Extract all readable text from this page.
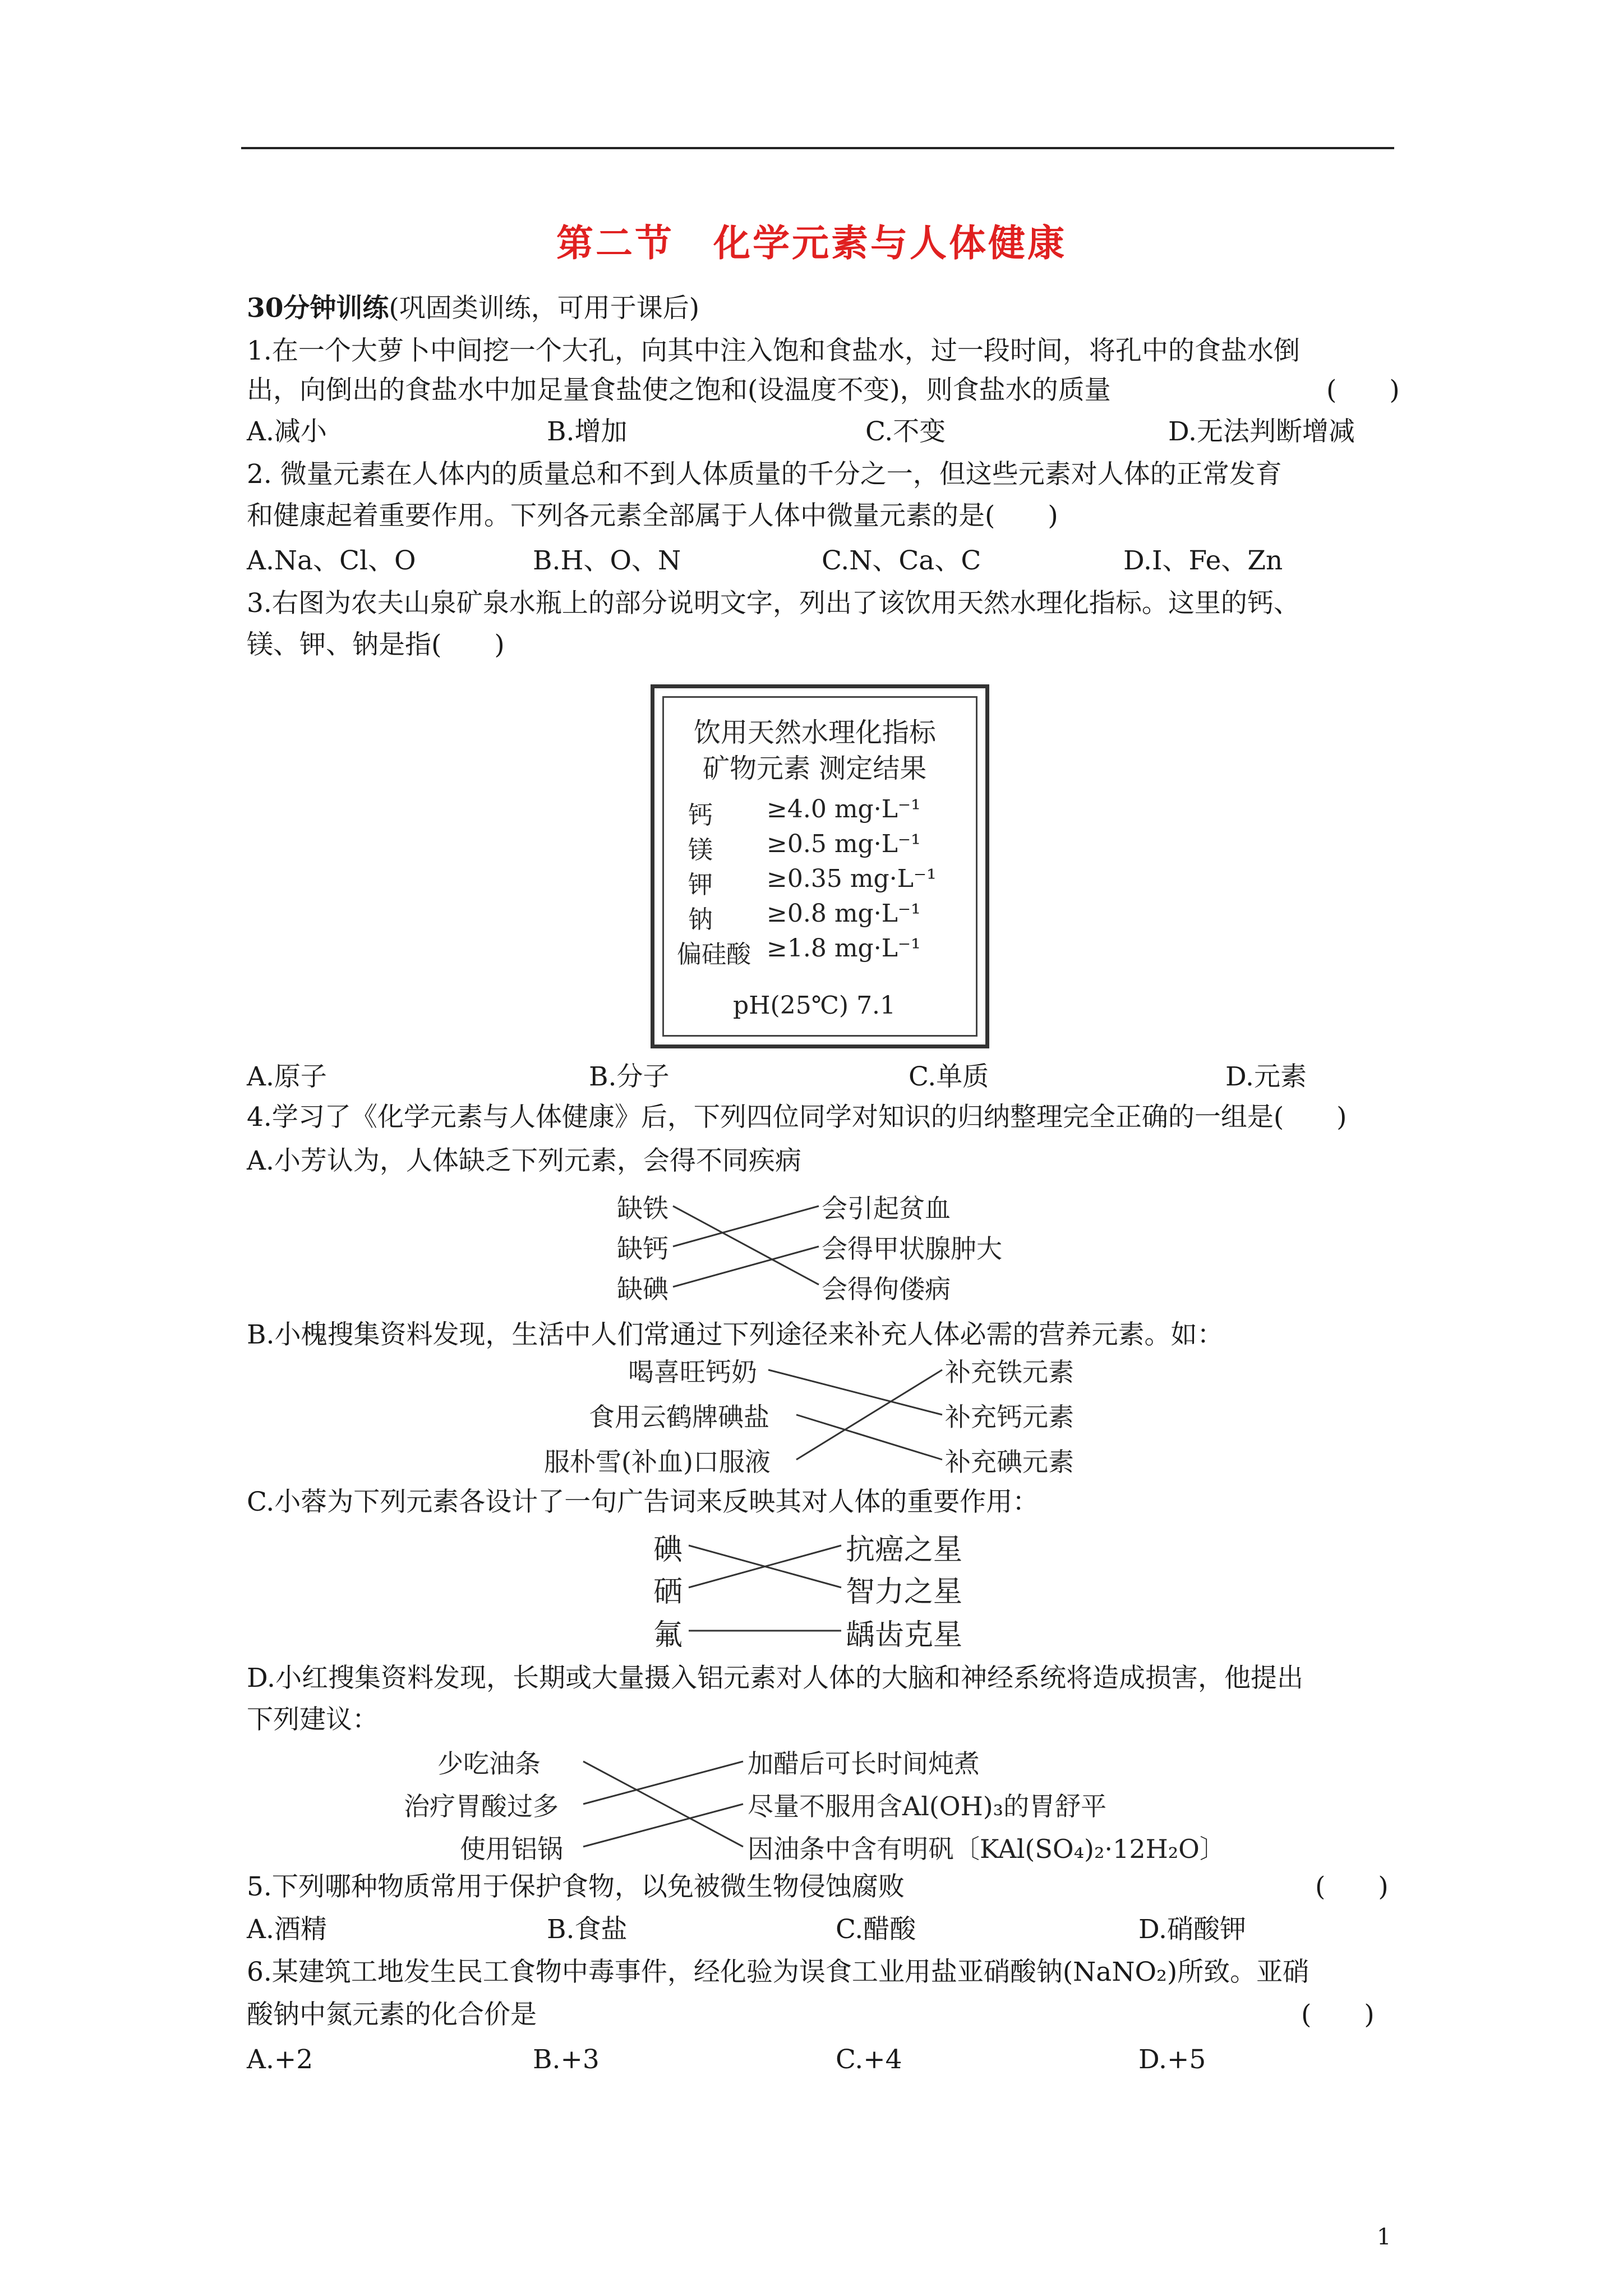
第二节　化学元素与人体健康
30分钟训练(巩固类训练，可用于课后)
1.在一个大萝卜中间挖一个大孔，向其中注入饱和食盐水，过一段时间，将孔中的食盐水倒
出，向倒出的食盐水中加足量食盐使之饱和(设温度不变)，则食盐水的质量	(　　)
A.减小	B.增加	C.不变	D.无法判断增减
2. 微量元素在人体内的质量总和不到人体质量的千分之一，但这些元素对人体的正常发育
和健康起着重要作用。下列各元素全部属于人体中微量元素的是(　　)
A.Na、Cl、O	B.H、O、N	C.N、Ca、C	D.I、Fe、Zn
3.右图为农夫山泉矿泉水瓶上的部分说明文字，列出了该饮用天然水理化指标。这里的钙、
镁、钾、钠是指(　　)
饮用天然水理化指标
矿物元素 测定结果
钙 ≥4.0 mg·L⁻¹
镁 ≥0.5 mg·L⁻¹
钾 ≥0.35 mg·L⁻¹
钠 ≥0.8 mg·L⁻¹
偏硅酸 ≥1.8 mg·L⁻¹
pH(25℃) 7.1
A.原子	B.分子	C.单质	D.元素
4.学习了《化学元素与人体健康》后，下列四位同学对知识的归纳整理完全正确的一组是(　　)
A.小芳认为，人体缺乏下列元素，会得不同疾病
缺铁
缺钙
缺碘
会引起贫血
会得甲状腺肿大
会得佝偻病
B.小槐搜集资料发现，生活中人们常通过下列途径来补充人体必需的营养元素。如：
喝喜旺钙奶
食用云鹤牌碘盐
服朴雪(补血)口服液
补充铁元素
补充钙元素
补充碘元素
C.小蓉为下列元素各设计了一句广告词来反映其对人体的重要作用：
碘
硒
氟
抗癌之星
智力之星
龋齿克星
D.小红搜集资料发现，长期或大量摄入铝元素对人体的大脑和神经系统将造成损害，他提出
下列建议：
少吃油条
治疗胃酸过多
使用铝锅
加醋后可长时间炖煮
尽量不服用含Al(OH)₃的胃舒平
因油条中含有明矾〔KAl(SO₄)₂·12H₂O〕
5.下列哪种物质常用于保护食物，以免被微生物侵蚀腐败	(　　)
A.酒精	B.食盐	C.醋酸	D.硝酸钾
6.某建筑工地发生民工食物中毒事件，经化验为误食工业用盐亚硝酸钠(NaNO₂)所致。亚硝
酸钠中氮元素的化合价是	(　　)
A.+2	B.+3	C.+4	D.+5
1
